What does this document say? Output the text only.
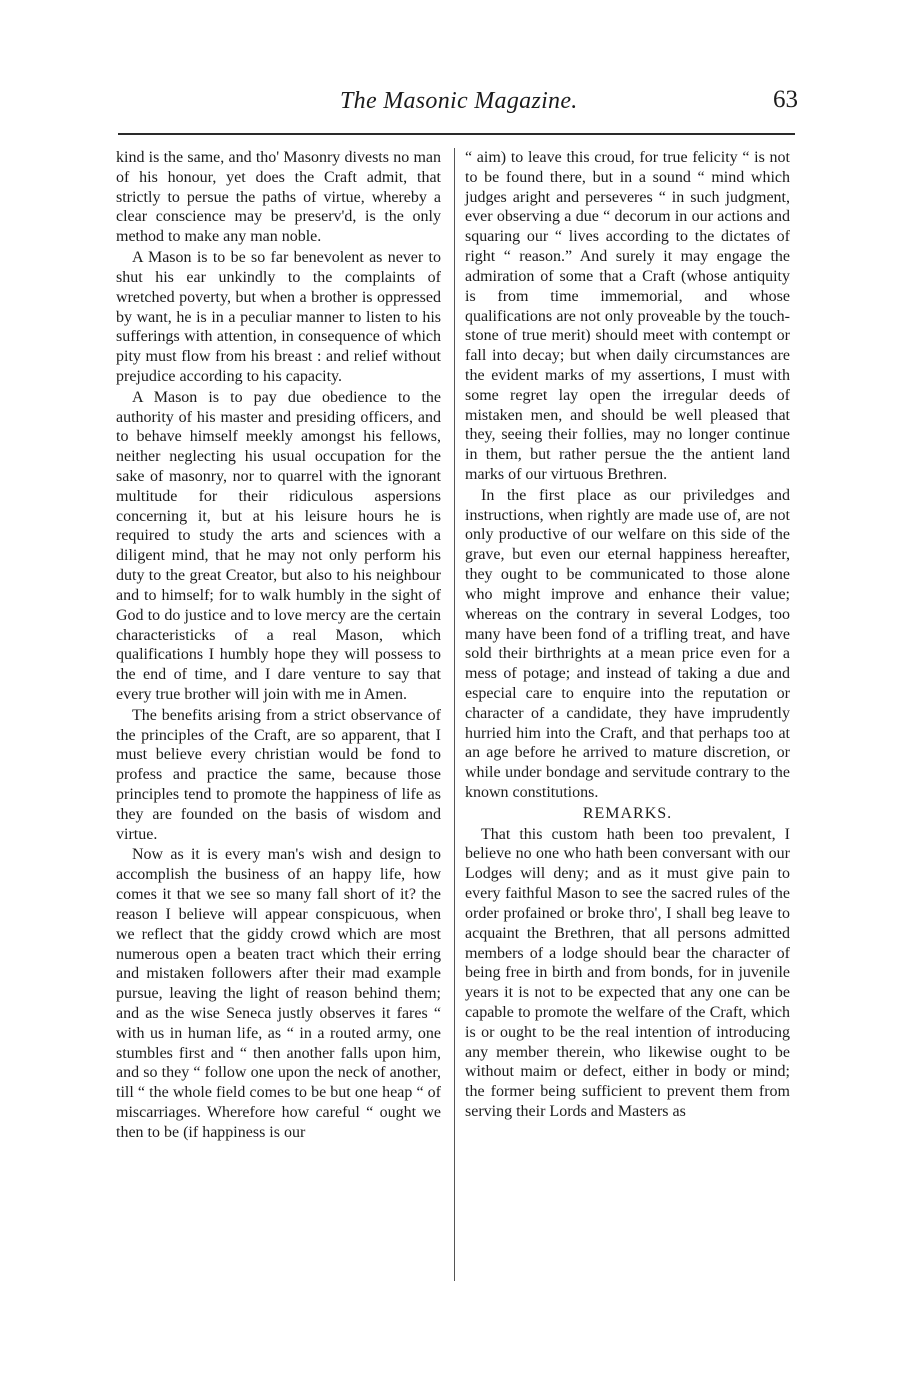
The Masonic Magazine.	63

kind is the same, and tho' Masonry divests no man of his honour, yet does the Craft admit, that strictly to persue the paths of virtue, whereby a clear conscience may be preserv'd, is the only method to make any man noble.

A Mason is to be so far benevolent as never to shut his ear unkindly to the complaints of wretched poverty, but when a brother is oppressed by want, he is in a peculiar manner to listen to his sufferings with attention, in consequence of which pity must flow from his breast : and relief without prejudice according to his capacity.

A Mason is to pay due obedience to the authority of his master and presiding officers, and to behave himself meekly amongst his fellows, neither neglecting his usual occupation for the sake of masonry, nor to quarrel with the ignorant multitude for their ridiculous aspersions concerning it, but at his leisure hours he is required to study the arts and sciences with a diligent mind, that he may not only perform his duty to the great Creator, but also to his neighbour and to himself; for to walk humbly in the sight of God to do justice and to love mercy are the certain characteristicks of a real Mason, which qualifications I humbly hope they will possess to the end of time, and I dare venture to say that every true brother will join with me in Amen.

The benefits arising from a strict observance of the principles of the Craft, are so apparent, that I must believe every christian would be fond to profess and practice the same, because those principles tend to promote the happiness of life as they are founded on the basis of wisdom and virtue.

Now as it is every man's wish and design to accomplish the business of an happy life, how comes it that we see so many fall short of it? the reason I believe will appear conspicuous, when we reflect that the giddy crowd which are most numerous open a beaten tract which their erring and mistaken followers after their mad example pursue, leaving the light of reason behind them; and as the wise Seneca justly observes it fares “ with us in human life, as “ in a routed army, one stumbles first and “ then another falls upon him, and so they “ follow one upon the neck of another, till “ the whole field comes to be but one heap “ of miscarriages. Wherefore how careful “ ought we then to be (if happiness is our

“ aim) to leave this croud, for true felicity “ is not to be found there, but in a sound “ mind which judges aright and perseveres “ in such judgment, ever observing a due “ decorum in our actions and squaring our “ lives according to the dictates of right “ reason.” And surely it may engage the admiration of some that a Craft (whose antiquity is from time immemorial, and whose qualifications are not only proveable by the touch-stone of true merit) should meet with contempt or fall into decay; but when daily circumstances are the evident marks of my assertions, I must with some regret lay open the irregular deeds of mistaken men, and should be well pleased that they, seeing their follies, may no longer continue in them, but rather persue the the antient land marks of our virtuous Brethren.

In the first place as our priviledges and instructions, when rightly are made use of, are not only productive of our welfare on this side of the grave, but even our eternal happiness hereafter, they ought to be communicated to those alone who might improve and enhance their value; whereas on the contrary in several Lodges, too many have been fond of a trifling treat, and have sold their birthrights at a mean price even for a mess of potage; and instead of taking a due and especial care to enquire into the reputation or character of a candidate, they have imprudently hurried him into the Craft, and that perhaps too at an age before he arrived to mature discretion, or while under bondage and servitude contrary to the known constitutions.

REMARKS.

That this custom hath been too prevalent, I believe no one who hath been conversant with our Lodges will deny; and as it must give pain to every faithful Mason to see the sacred rules of the order profained or broke thro', I shall beg leave to acquaint the Brethren, that all persons admitted members of a lodge should bear the character of being free in birth and from bonds, for in juvenile years it is not to be expected that any one can be capable to promote the welfare of the Craft, which is or ought to be the real intention of introducing any member therein, who likewise ought to be without maim or defect, either in body or mind; the former being sufficient to prevent them from serving their Lords and Masters as
